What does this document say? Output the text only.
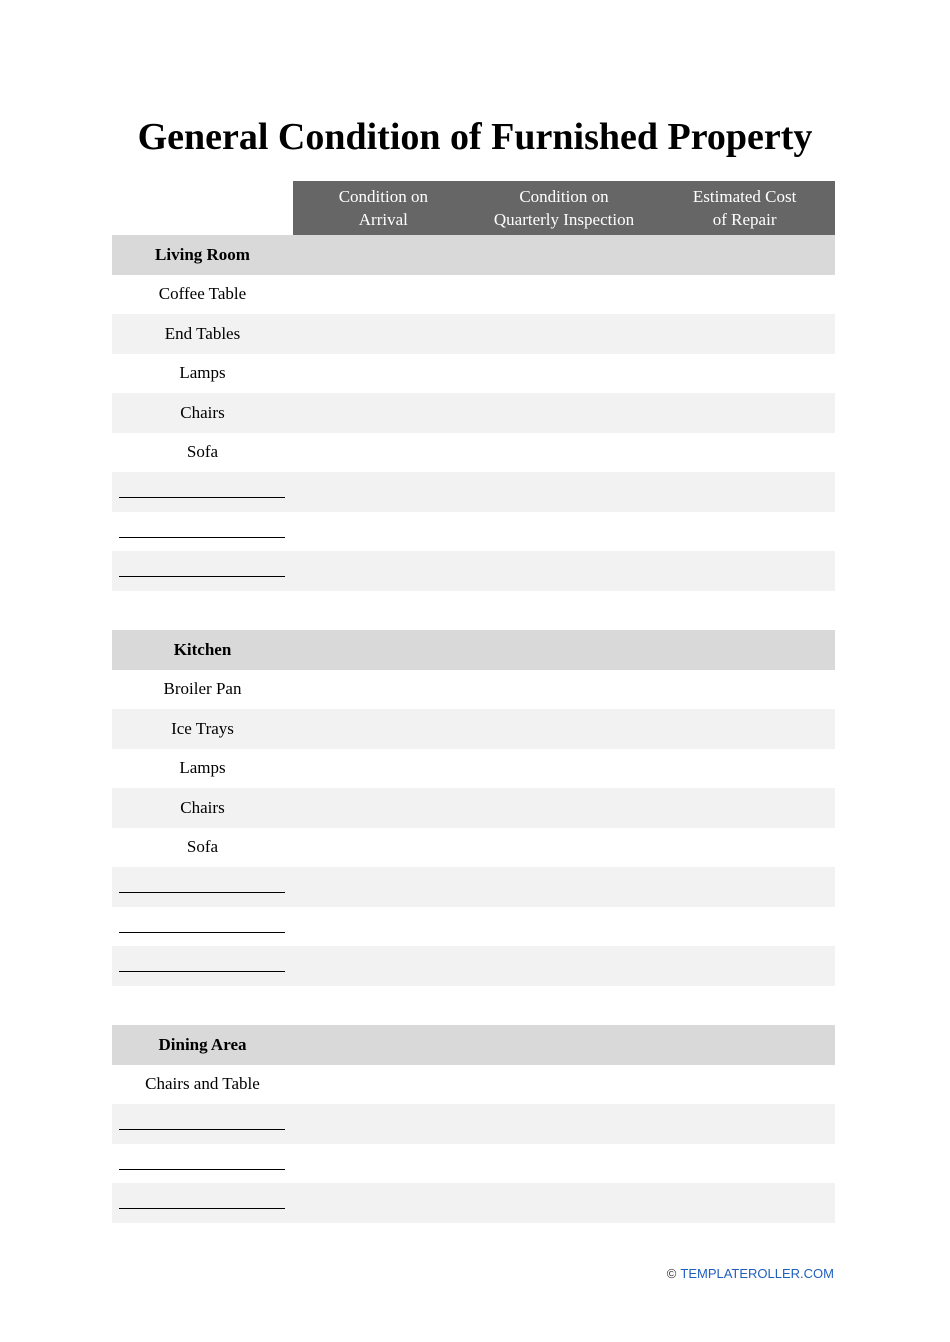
General Condition of Furnished Property
Condition on
Arrival
Condition on
Quarterly Inspection
Estimated Cost
of Repair
Living Room
Coffee Table
End Tables
Lamps
Chairs
Sofa
Kitchen
Broiler Pan
Ice Trays
Lamps
Chairs
Sofa
Dining Area
Chairs and Table
© TEMPLATEROLLER.COM
